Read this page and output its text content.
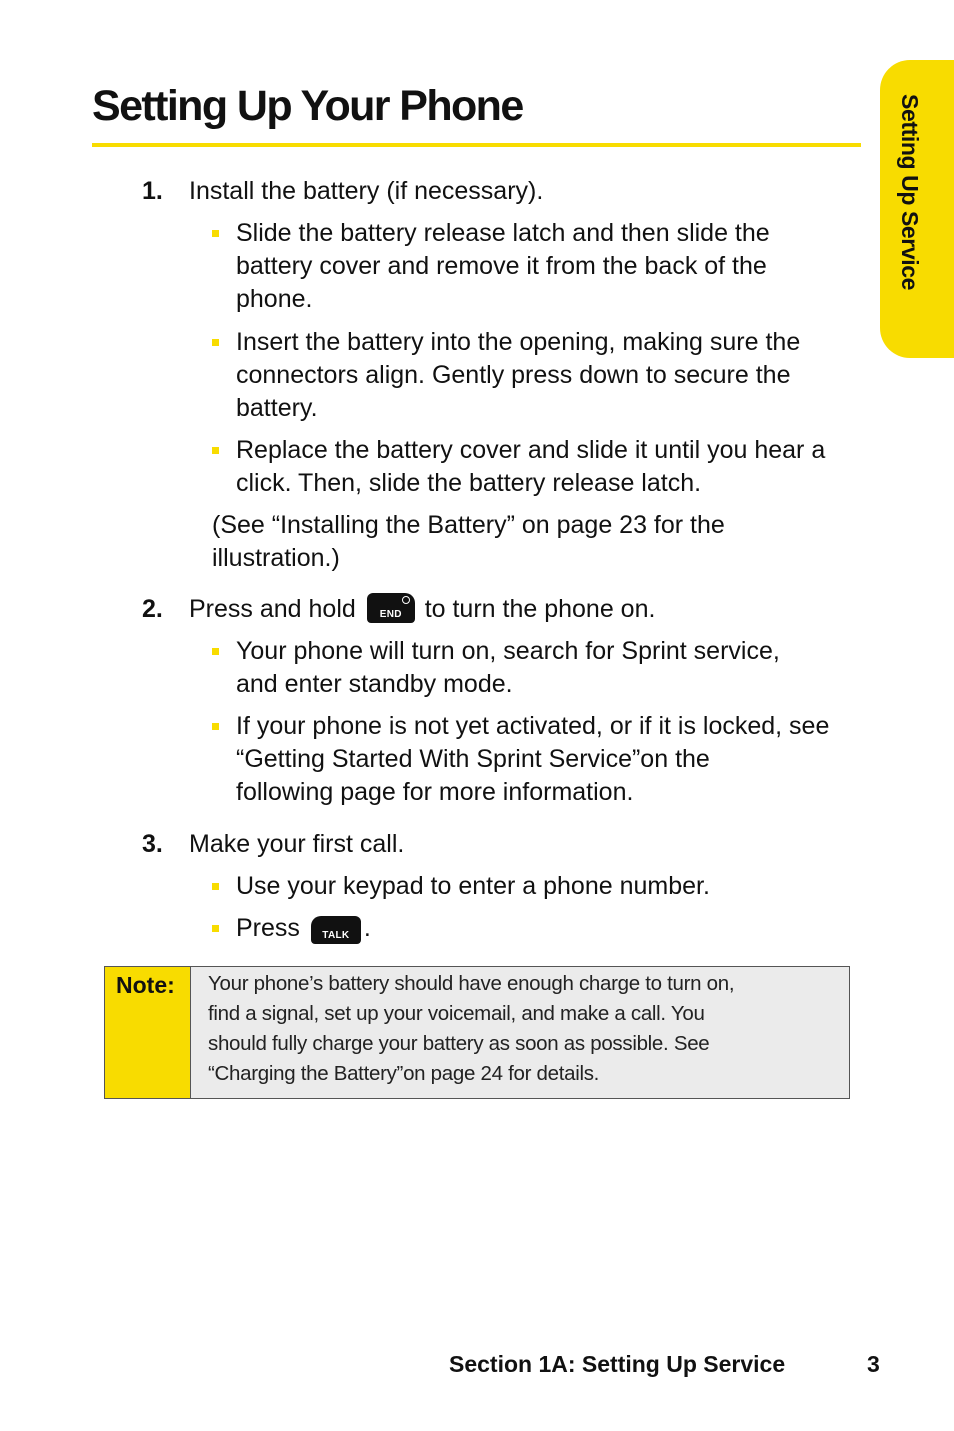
Setting Up Your Phone	Setting Up Service
1. Install the battery (if necessary).
Slide the battery release latch and then slide the
battery cover and remove it from the back of the
phone.
Insert the battery into the opening, making sure the
connectors align. Gently press down to secure the
battery.
Replace the battery cover and slide it until you hear a
click. Then, slide the battery release latch.
(See “Installing the Battery” on page 23 for the
illustration.)
2. Press and hold	END to turn the phone on.
Your phone will turn on, search for Sprint service,
and enter standby mode.
If your phone is not yet activated, or if it is locked, see
“Getting Started With Sprint Service”on the
following page for more information.
3. Make your first call.
Use your keypad to enter a phone number.
Press	TALK .
Note: Your phone’s battery should have enough charge to turn on,
find a signal, set up your voicemail, and make a call. You
should fully charge your battery as soon as possible. See
“Charging the Battery”on page 24 for details.
Section 1A: Setting Up Service	3
